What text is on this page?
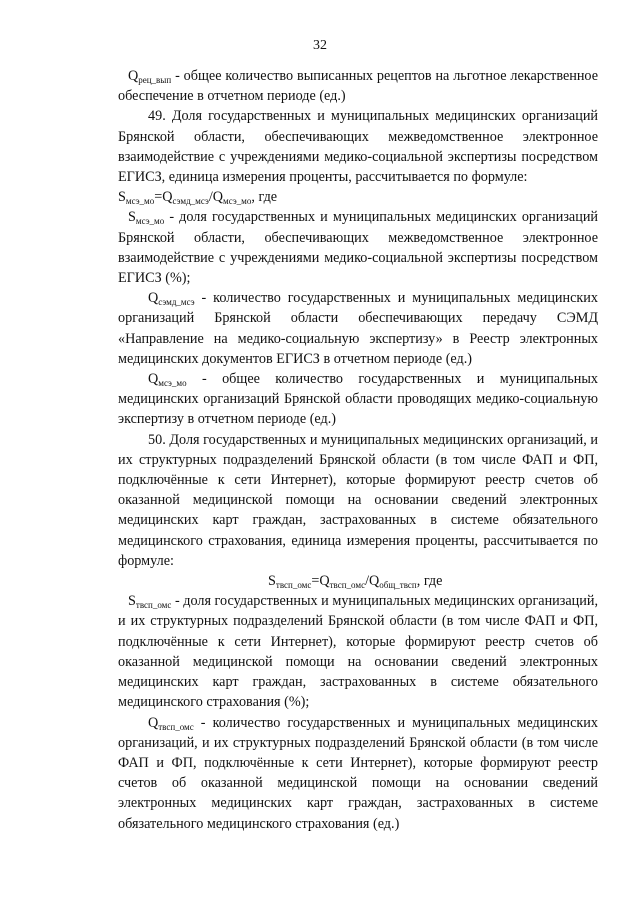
32

$Q_{рец\_вып}$ - общее количество выписанных рецептов на льготное лекарственное обеспечение в отчетном периоде (ед.)

49. Доля государственных и муниципальных медицинских организаций Брянской области, обеспечивающих межведомственное электронное взаимодействие с учреждениями медико-социальной экспертизы посредством ЕГИСЗ, единица измерения проценты, рассчитывается по формуле:

$S_{мсэ\_мо}=Q_{сэмд\_мсэ}/Q_{мсэ\_мо}$, где

$S_{мсэ\_мо}$ - доля государственных и муниципальных медицинских организаций Брянской области, обеспечивающих межведомственное электронное взаимодействие с учреждениями медико-социальной экспертизы посредством ЕГИСЗ (%);

$Q_{сэмд\_мсэ}$ - количество государственных и муниципальных медицинских организаций Брянской области обеспечивающих передачу СЭМД «Направление на медико-социальную экспертизу» в Реестр электронных медицинских документов ЕГИСЗ в отчетном периоде (ед.)

$Q_{мсэ\_мо}$ - общее количество государственных и муниципальных медицинских организаций Брянской области проводящих медико-социальную экспертизу в отчетном периоде (ед.)

50. Доля государственных и муниципальных медицинских организаций, и их структурных подразделений Брянской области (в том числе ФАП и ФП, подключённые к сети Интернет), которые формируют реестр счетов об оказанной медицинской помощи на основании сведений электронных медицинских карт граждан, застрахованных в системе обязательного медицинского страхования, единица измерения проценты, рассчитывается по формуле:

$S_{твсп\_омс}=Q_{твсп\_омс}/Q_{общ\_твсп}$, где

$S_{твсп\_омс}$ - доля государственных и муниципальных медицинских организаций, и их структурных подразделений Брянской области (в том числе ФАП и ФП, подключённые к сети Интернет), которые формируют реестр счетов об оказанной медицинской помощи на основании сведений электронных медицинских карт граждан, застрахованных в системе обязательного медицинского страхования (%);

$Q_{твсп\_омс}$ - количество государственных и муниципальных медицинских организаций, и их структурных подразделений Брянской области (в том числе ФАП и ФП, подключённые к сети Интернет), которые формируют реестр счетов об оказанной медицинской помощи на основании сведений электронных медицинских карт граждан, застрахованных в системе обязательного медицинского страхования (ед.)
